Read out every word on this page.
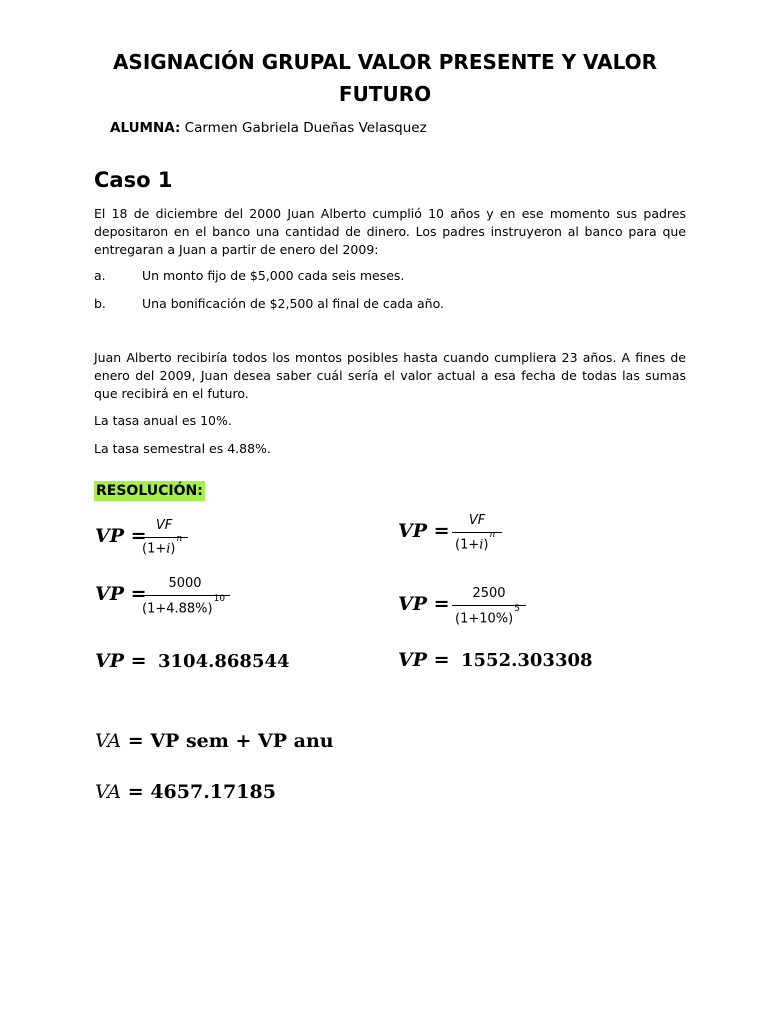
ASIGNACIÓN GRUPAL VALOR PRESENTE Y VALOR FUTURO
ALUMNA: Carmen Gabriela Dueñas Velasquez
Caso 1
El 18 de diciembre del 2000 Juan Alberto cumplió 10 años y en ese momento sus padres depositaron en el banco una cantidad de dinero. Los padres instruyeron al banco para que entregaran a Juan a partir de enero del 2009:
a.	Un monto fijo de $5,000 cada seis meses.
b.	Una bonificación de $2,500 al final de cada año.
Juan Alberto recibiría todos los montos posibles hasta cuando cumpliera 23 años. A fines de enero del 2009, Juan desea saber cuál sería el valor actual a esa fecha de todas las sumas que recibirá en el futuro.
La tasa anual es 10%.
La tasa semestral es 4.88%.
RESOLUCIÓN:
VP = VF
$(1+i)^n$
VP =	5000
$(1+4.88\%)^{10}$
VP = 3104.868544
VP =	VF
$(1+i)^n$
VP =	2500
$(1+10\%)^5$
VP = 1552.303308
VA = VP sem + VP anu
VA = 4657.17185
